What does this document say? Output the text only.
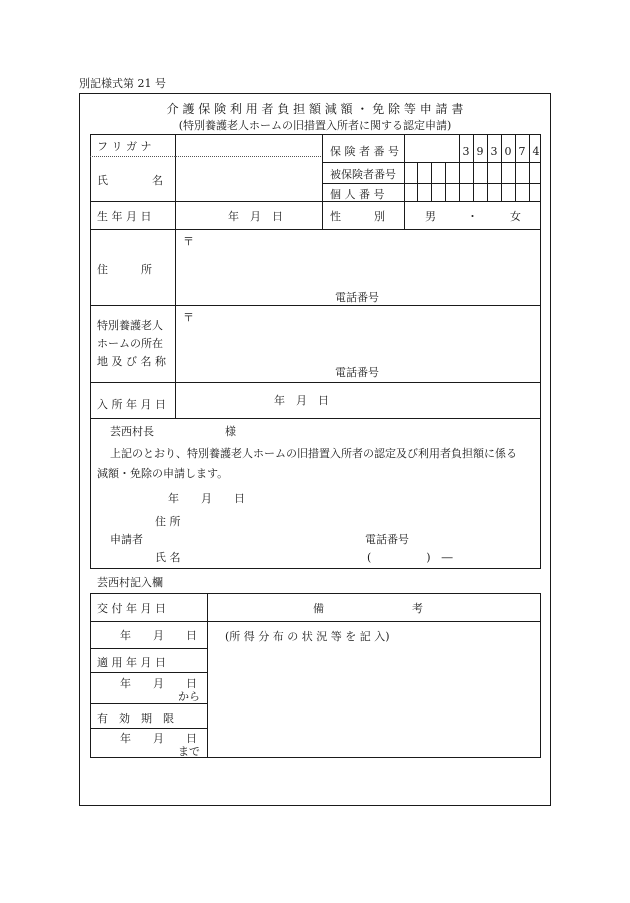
別記様式第 21 号
介 護 保 険 利 用 者 負 担 額 減 額 ・ 免 除 等 申 請 書
(特別養護老人ホームの旧措置入所者に関する認定申請)
フ リ ガ ナ
氏　　　　名
保 険 者 番 号	3 9 3 0 7 4
被保険者番号
個 人 番 号
生 年 月 日	年　月　日	性　　　別	男	・	女
住　　　所
〒
電話番号
特別養護老人
ホームの所在
地 及 び 名 称
〒
電話番号
入 所 年 月 日	年　月　日
芸西村長	様
上記のとおり、特別養護老人ホームの旧措置入所者の認定及び利用者負担額に係る
減額・免除の申請します。
年　　月　　日
住 所
申請者	電話番号
氏 名	(　　　　　)　―
芸西村記入欄
交 付 年 月 日	備　　　　　　　　考
年　　月　　日	(所 得 分 布 の 状 況 等 を 記 入)
適 用 年 月 日
年　　月　　日
から
有　効　期　限
年　　月　　日
まで
